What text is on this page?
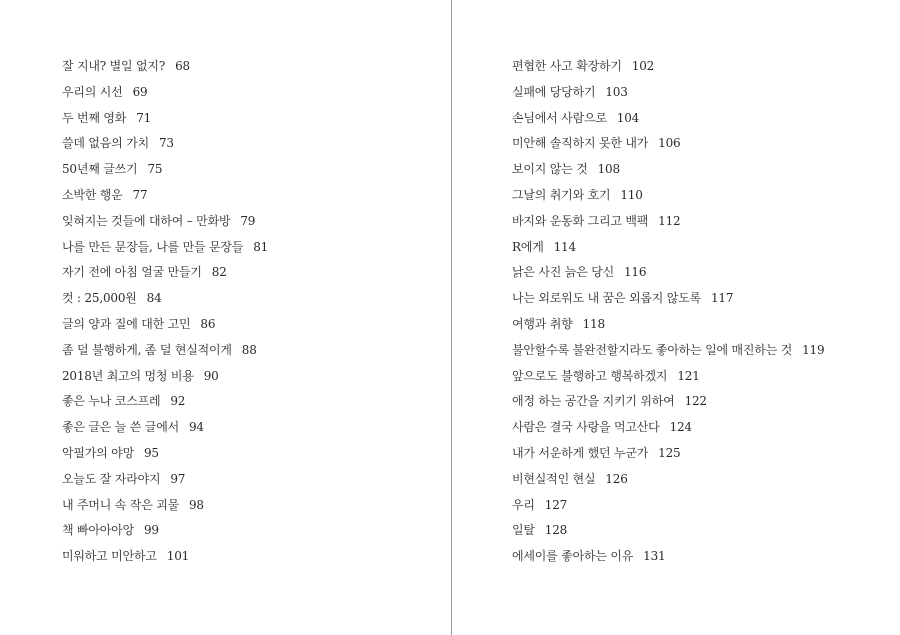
잘 지내? 별일 없지? 68
우리의 시선 69
두 번째 영화 71
쓸데 없음의 가치 73
50년째 글쓰기 75
소박한 행운 77
잊혀지는 것들에 대하여 – 만화방 79
나를 만든 문장들, 나를 만들 문장들 81
자기 전에 아침 얼굴 만들기 82
컷 : 25,000원 84
글의 양과 질에 대한 고민 86
좀 덜 불행하게, 좀 덜 현실적이게 88
2018년 최고의 멍청 비용 90
좋은 누나 코스프레 92
좋은 글은 늘 쓴 글에서 94
악필가의 야망 95
오늘도 잘 자라야지 97
내 주머니 속 작은 괴물 98
책 빠아아아앙 99
미워하고 미안하고 101
편협한 사고 확장하기 102
실패에 당당하기 103
손님에서 사람으로 104
미안해 솔직하지 못한 내가 106
보이지 않는 것 108
그날의 취기와 호기 110
바지와 운동화 그리고 백팩 112
R에게 114
낡은 사진 늙은 당신 116
나는 외로워도 내 꿈은 외롭지 않도록 117
여행과 취향 118
불안할수록 불완전할지라도 좋아하는 일에 매진하는 것 119
앞으로도 불행하고 행복하겠지 121
애정 하는 공간을 지키기 위하여 122
사람은 결국 사랑을 먹고산다 124
내가 서운하게 했던 누군가 125
비현실적인 현실 126
우리 127
일탈 128
에세이를 좋아하는 이유 131
